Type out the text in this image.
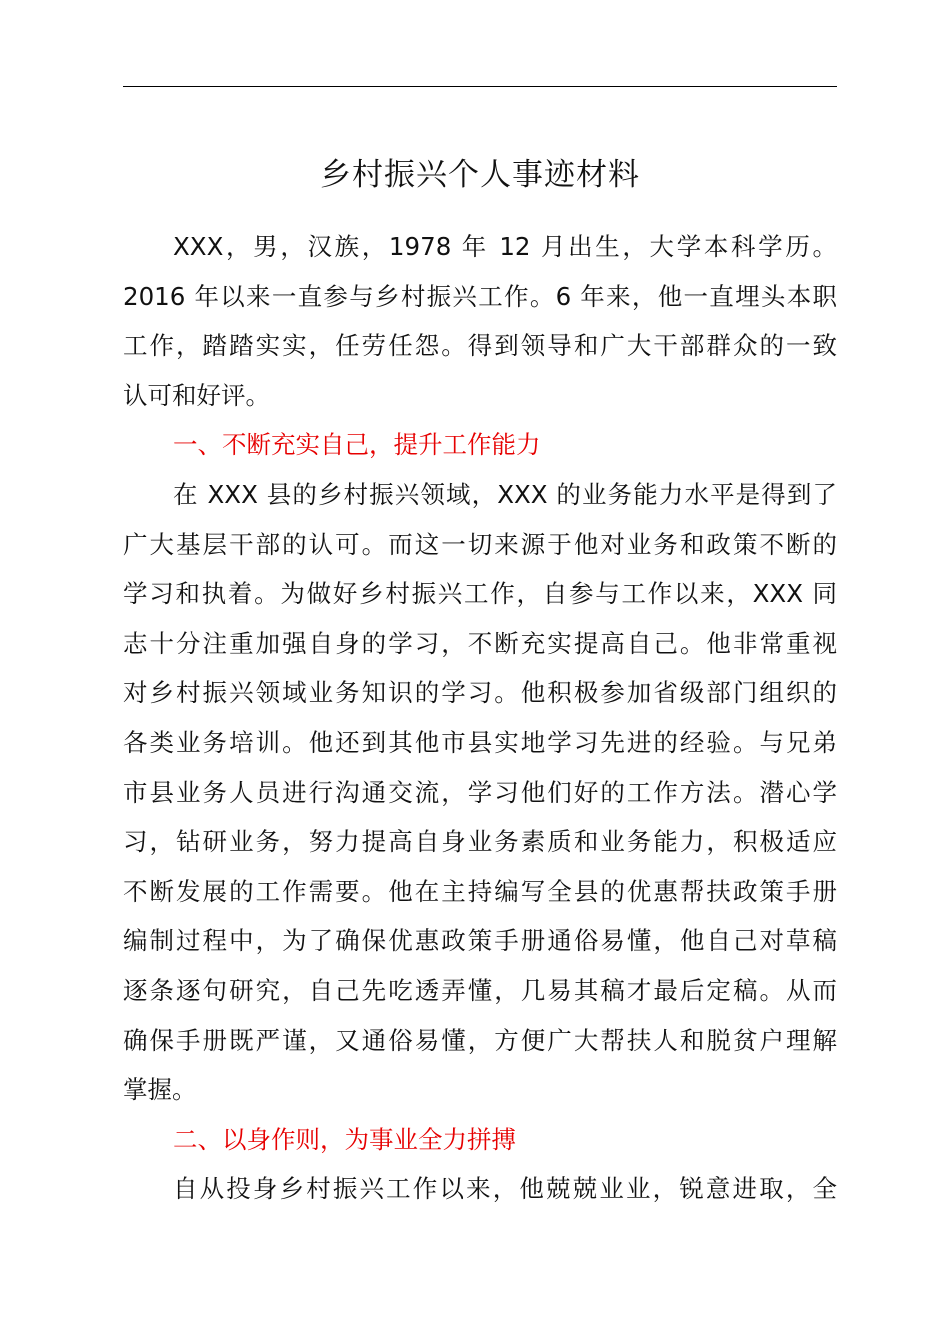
乡村振兴个人事迹材料
XXX，男，汉族，1978 年 12 月出生，大学本科学历。
2016 年以来一直参与乡村振兴工作。6 年来，他一直埋头本职
工作，踏踏实实，任劳任怨。得到领导和广大干部群众的一致
认可和好评。
一、不断充实自己，提升工作能力
在 XXX 县的乡村振兴领域，XXX 的业务能力水平是得到了
广大基层干部的认可。而这一切来源于他对业务和政策不断的
学习和执着。为做好乡村振兴工作，自参与工作以来，XXX 同
志十分注重加强自身的学习，不断充实提高自己。他非常重视
对乡村振兴领域业务知识的学习。他积极参加省级部门组织的
各类业务培训。他还到其他市县实地学习先进的经验。与兄弟
市县业务人员进行沟通交流，学习他们好的工作方法。潜心学
习，钻研业务，努力提高自身业务素质和业务能力，积极适应
不断发展的工作需要。他在主持编写全县的优惠帮扶政策手册
编制过程中，为了确保优惠政策手册通俗易懂，他自己对草稿
逐条逐句研究，自己先吃透弄懂，几易其稿才最后定稿。从而
确保手册既严谨，又通俗易懂，方便广大帮扶人和脱贫户理解
掌握。
二、以身作则，为事业全力拼搏
自从投身乡村振兴工作以来，他兢兢业业，锐意进取，全
